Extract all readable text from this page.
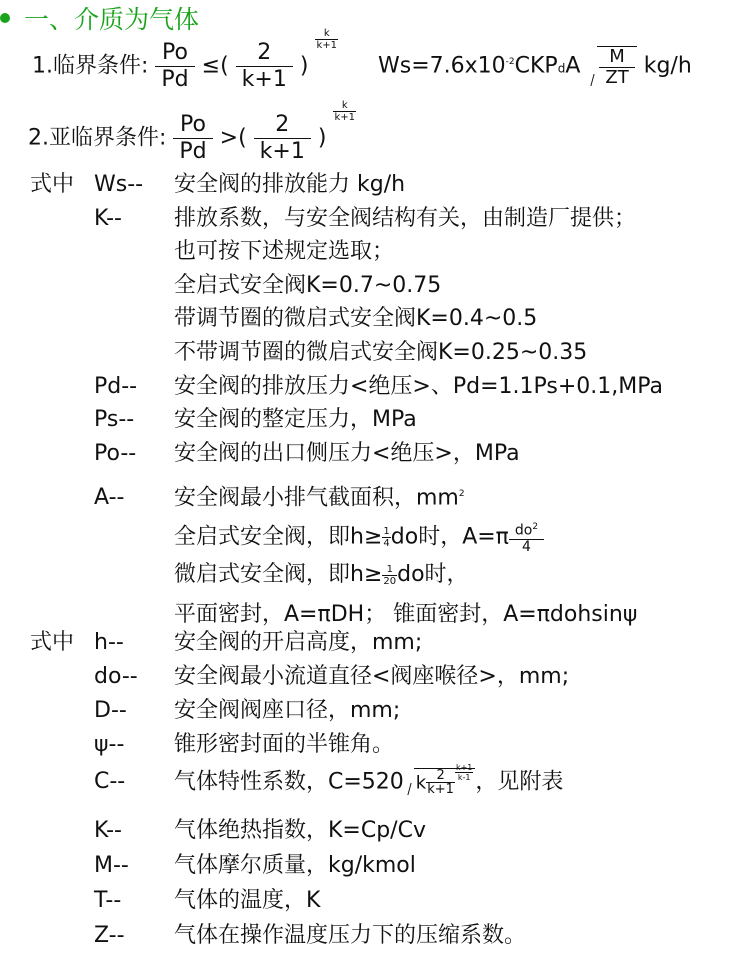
一、介质为气体
1.临界条件: $\frac{Po}{Pd}$ ≤( $\frac{2}{k+1}$ )
$\frac{k}{k+1}$
$Ws=7.6x10^{-2}CKPdA \frac{M}{ZT} kg/h$
2.亚临界条件: $\frac{Po}{Pd}$ >( $\frac{2}{k+1}$ )
$\frac{k}{k+1}$
式中 Ws-- 安全阀的排放能力 kg/h
K-- 排放系数，与安全阀结构有关，由制造厂提供；
也可按下述规定选取；
全启式安全阀K=0.7~0.75
带调节圈的微启式安全阀K=0.4~0.5
不带调节圈的微启式安全阀K=0.25~0.35
Pd-- 安全阀的排放压力<绝压>、Pd=1.1Ps+0.1,MPa
Ps-- 安全阀的整定压力，MPa
Po-- 安全阀的出口侧压力<绝压>，MPa
A-- 安全阀最小排气截面积，$mm^2$
全启式安全阀，即$h\ge \frac{1}{4}$ do时，$A=\pi \frac{do^2}{4}$
微启式安全阀，即$h\ge \frac{1}{20}$ do时，
平面密封，A=πDH； 锥面密封，A=πdohsinψ
式中 h-- 安全阀的开启高度，mm;
do-- 安全阀最小流道直径<阀座喉径>，mm;
D-- 安全阀阀座口径，mm;
ψ-- 锥形密封面的半锥角。
C-- 气体特性系数，C=520 k $\frac{2}{k+1} \frac{k+1}{k-1}$ ，见附表
K-- 气体绝热指数，K=Cp/Cv
M-- 气体摩尔质量，kg/kmol
T-- 气体的温度，K
Z-- 气体在操作温度压力下的压缩系数。
